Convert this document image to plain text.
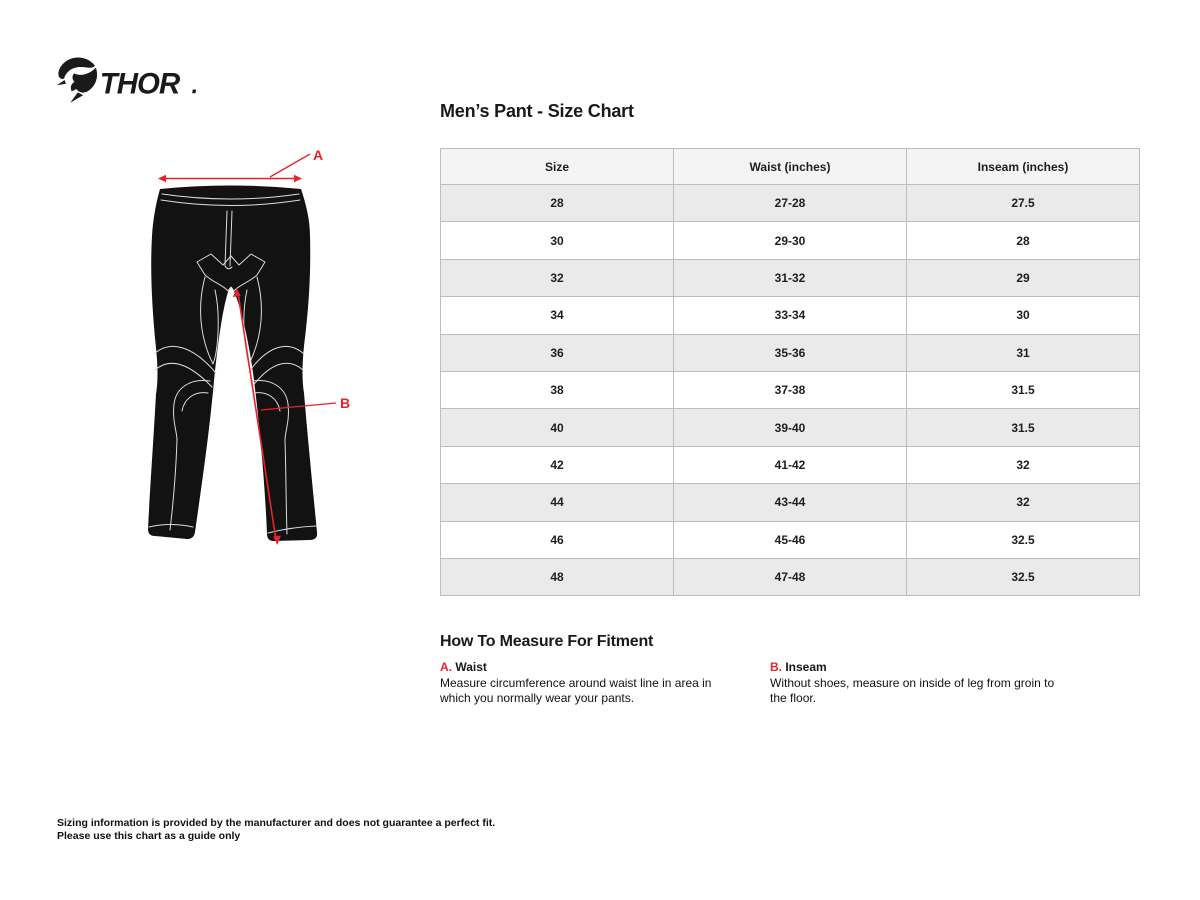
THOR
A
B
Men’s Pant - Size Chart
Size	Waist (inches)	Inseam (inches)
28	27-28	27.5
30	29-30	28
32	31-32	29
34	33-34	30
36	35-36	31
38	37-38	31.5
40	39-40	31.5
42	41-42	32
44	43-44	32
46	45-46	32.5
48	47-48	32.5
How To Measure For Fitment
A. Waist
Measure circumference around waist line in area in which you normally wear your pants.
B. Inseam
Without shoes, measure on inside of leg from groin to the floor.
Sizing information is provided by the manufacturer and does not guarantee a perfect fit.
Please use this chart as a guide only
